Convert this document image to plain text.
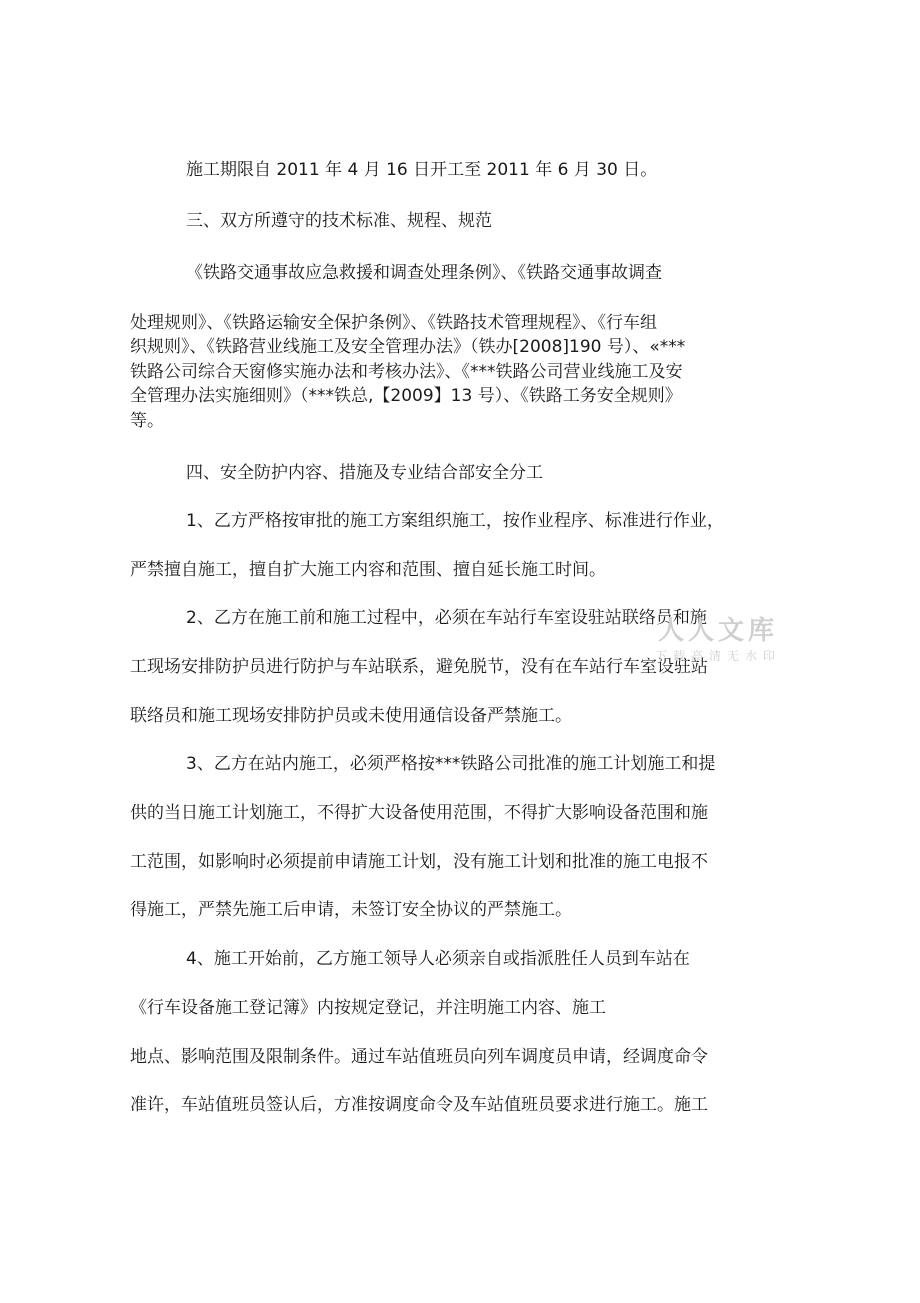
施工期限自 2011 年 4 月 16 日开工至 2011 年 6 月 30 日。
三、双方所遵守的技术标准、规程、规范
《铁路交通事故应急救援和调查处理条例》、《铁路交通事故调查
处理规则》、《铁路运输安全保护条例》、《铁路技术管理规程》、《行车组
织规则》、《铁路营业线施工及安全管理办法》（铁办[2008]190 号）、«***
铁路公司综合天窗修实施办法和考核办法》、《***铁路公司营业线施工及安
全管理办法实施细则》（***铁总,【2009】13 号）、《铁路工务安全规则》
等。
四、安全防护内容、措施及专业结合部安全分工
1、乙方严格按审批的施工方案组织施工，按作业程序、标准进行作业，
严禁擅自施工，擅自扩大施工内容和范围、擅自延长施工时间。
2、乙方在施工前和施工过程中，必须在车站行车室设驻站联络员和施
工现场安排防护员进行防护与车站联系，避免脱节，没有在车站行车室设驻站
联络员和施工现场安排防护员或未使用通信设备严禁施工。
3、乙方在站内施工，必须严格按***铁路公司批准的施工计划施工和提
供的当日施工计划施工，不得扩大设备使用范围，不得扩大影响设备范围和施
工范围，如影响时必须提前申请施工计划，没有施工计划和批准的施工电报不
得施工，严禁先施工后申请，未签订安全协议的严禁施工。
4、施工开始前，乙方施工领导人必须亲自或指派胜任人员到车站在
《行车设备施工登记簿》内按规定登记，并注明施工内容、施工
地点、影响范围及限制条件。通过车站值班员向列车调度员申请，经调度命令
准许，车站值班员签认后，方准按调度命令及车站值班员要求进行施工。施工
人人文库
下载高清无水印
